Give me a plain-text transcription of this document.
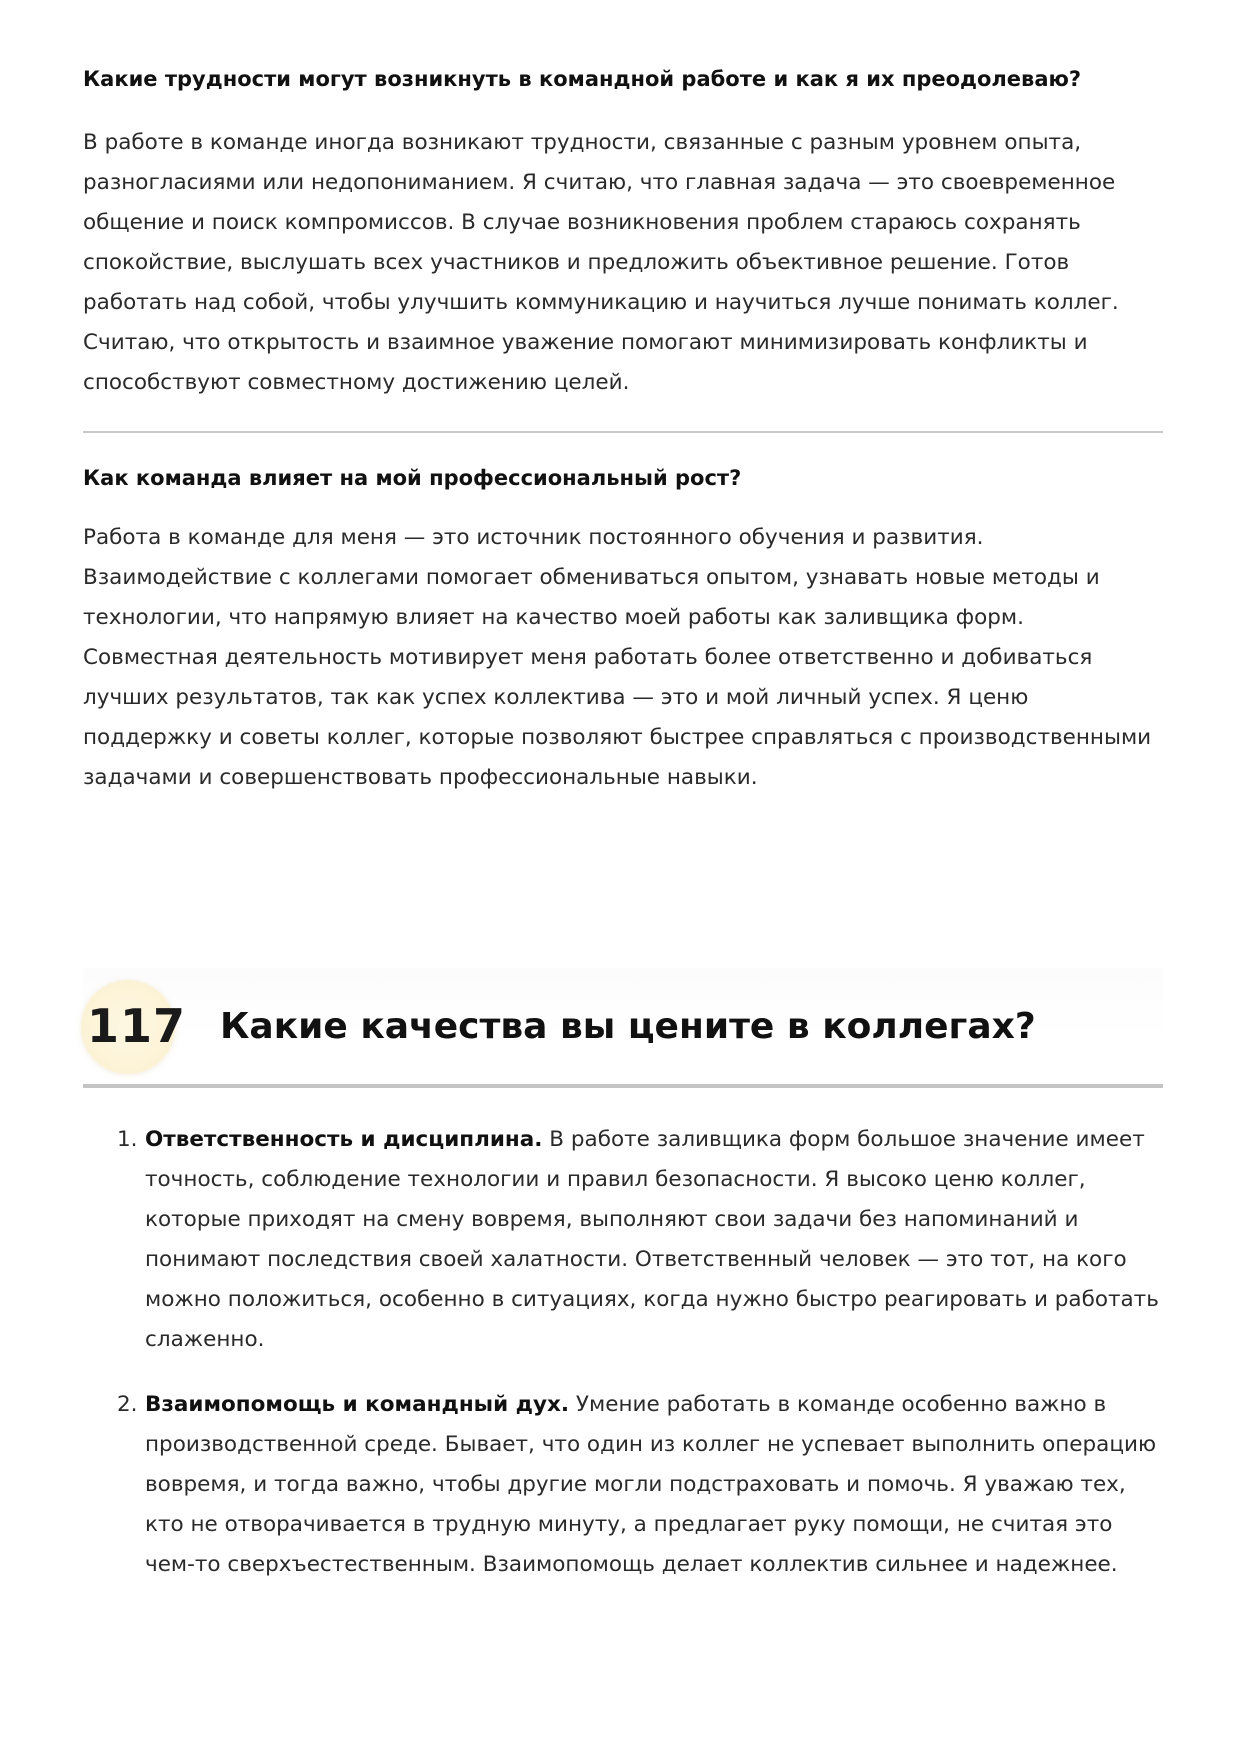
Какие трудности могут возникнуть в командной работе и как я их преодолеваю?

В работе в команде иногда возникают трудности, связанные с разным уровнем опыта, разногласиями или недопониманием. Я считаю, что главная задача — это своевременное общение и поиск компромиссов. В случае возникновения проблем стараюсь сохранять спокойствие, выслушать всех участников и предложить объективное решение. Готов работать над собой, чтобы улучшить коммуникацию и научиться лучше понимать коллег. Считаю, что открытость и взаимное уважение помогают минимизировать конфликты и способствуют совместному достижению целей.

Как команда влияет на мой профессиональный рост?

Работа в команде для меня — это источник постоянного обучения и развития. Взаимодействие с коллегами помогает обмениваться опытом, узнавать новые методы и технологии, что напрямую влияет на качество моей работы как заливщика форм. Совместная деятельность мотивирует меня работать более ответственно и добиваться лучших результатов, так как успех коллектива — это и мой личный успех. Я ценю поддержку и советы коллег, которые позволяют быстрее справляться с производственными задачами и совершенствовать профессиональные навыки.

117 Какие качества вы цените в коллегах?
1. Ответственность и дисциплина. В работе заливщика форм большое значение имеет точность, соблюдение технологии и правил безопасности. Я высоко ценю коллег, которые приходят на смену вовремя, выполняют свои задачи без напоминаний и понимают последствия своей халатности. Ответственный человек — это тот, на кого можно положиться, особенно в ситуациях, когда нужно быстро реагировать и работать слаженно.
2. Взаимопомощь и командный дух. Умение работать в команде особенно важно в производственной среде. Бывает, что один из коллег не успевает выполнить операцию вовремя, и тогда важно, чтобы другие могли подстраховать и помочь. Я уважаю тех, кто не отворачивается в трудную минуту, а предлагает руку помощи, не считая это чем-то сверхъестественным. Взаимопомощь делает коллектив сильнее и надежнее.
